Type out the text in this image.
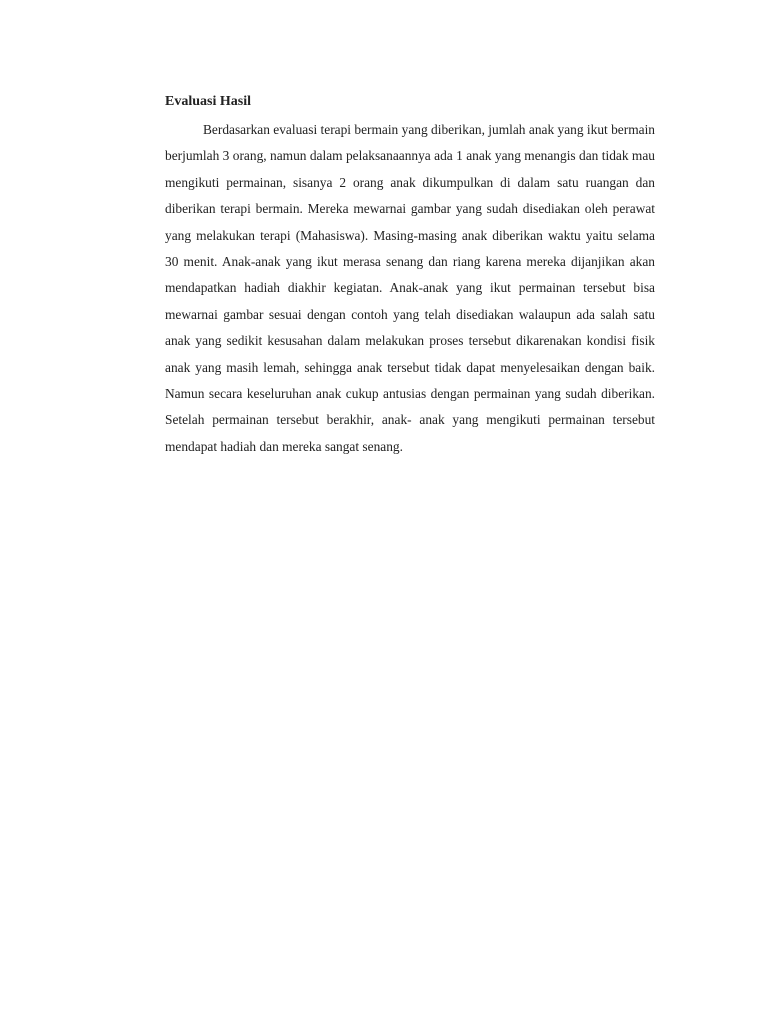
Evaluasi Hasil

Berdasarkan evaluasi terapi bermain yang diberikan, jumlah anak yang ikut bermain berjumlah 3 orang, namun dalam pelaksanaannya ada 1 anak yang menangis dan tidak mau mengikuti permainan, sisanya 2 orang anak dikumpulkan di dalam satu ruangan dan diberikan terapi bermain. Mereka mewarnai gambar yang sudah disediakan oleh perawat yang melakukan terapi (Mahasiswa). Masing-masing anak diberikan waktu yaitu selama 30 menit. Anak-anak yang ikut merasa senang dan riang karena mereka dijanjikan akan mendapatkan hadiah diakhir kegiatan. Anak-anak yang ikut permainan tersebut bisa mewarnai gambar sesuai dengan contoh yang telah disediakan walaupun ada salah satu anak yang sedikit kesusahan dalam melakukan proses tersebut dikarenakan kondisi fisik anak yang masih lemah, sehingga anak tersebut tidak dapat menyelesaikan dengan baik. Namun secara keseluruhan anak cukup antusias dengan permainan yang sudah diberikan. Setelah permainan tersebut berakhir, anak- anak yang mengikuti permainan tersebut mendapat hadiah dan mereka sangat senang.
